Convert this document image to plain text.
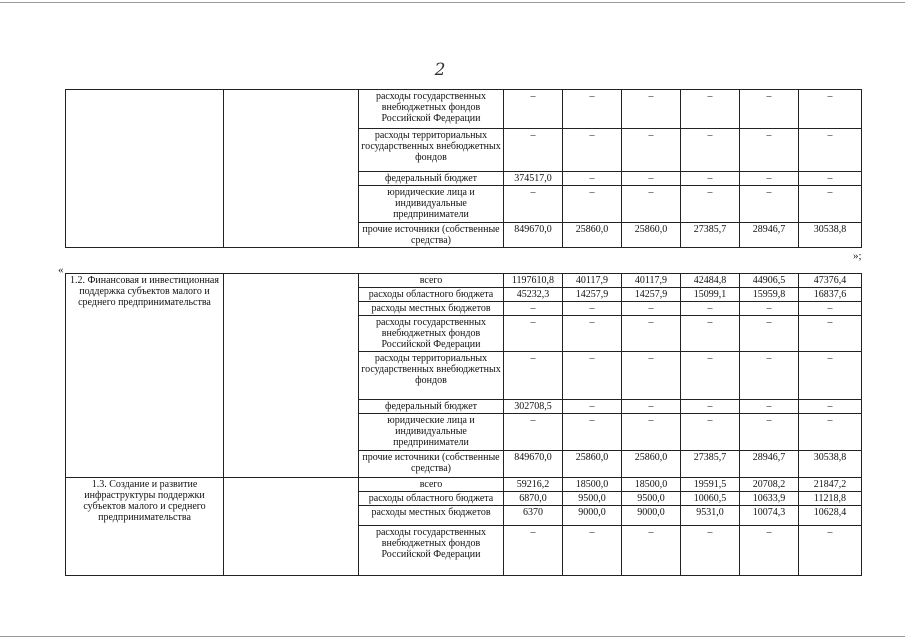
2
		расходы государственных внебюджетных фондов Российской Федерации	–	–	–	–	–	–
		расходы территориальных государственных внебюджетных фондов	–	–	–	–	–	–
		федеральный бюджет	374517,0	–	–	–	–	–
		юридические лица и индивидуальные предприниматели	–	–	–	–	–	–
		прочие источники (собственные средства)	849670,0	25860,0	25860,0	27385,7	28946,7	30538,8
»;
«
1.2. Финансовая и инвестиционная поддержка субъектов малого и среднего предпринимательства		всего	1197610,8	40117,9	40117,9	42484,8	44906,5	47376,4
		расходы областного бюджета	45232,3	14257,9	14257,9	15099,1	15959,8	16837,6
		расходы местных бюджетов	–	–	–	–	–	–
		расходы государственных внебюджетных фондов Российской Федерации	–	–	–	–	–	–
		расходы территориальных государственных внебюджетных фондов	–	–	–	–	–	–
		федеральный бюджет	302708,5	–	–	–	–	–
		юридические лица и индивидуальные предприниматели	–	–	–	–	–	–
		прочие источники (собственные средства)	849670,0	25860,0	25860,0	27385,7	28946,7	30538,8
1.3. Создание и развитие инфраструктуры поддержки субъектов малого и среднего предпринимательства		всего	59216,2	18500,0	18500,0	19591,5	20708,2	21847,2
		расходы областного бюджета	6870,0	9500,0	9500,0	10060,5	10633,9	11218,8
		расходы местных бюджетов	6370	9000,0	9000,0	9531,0	10074,3	10628,4
		расходы государственных внебюджетных фондов Российской Федерации	–	–	–	–	–	–
